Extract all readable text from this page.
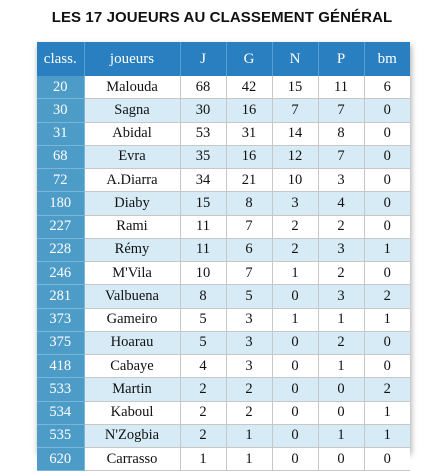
LES 17 JOUEURS AU CLASSEMENT GÉNÉRAL
class.	joueurs	J	G	N	P	bm
20	Malouda	68	42	15	11	6
30	Sagna	30	16	7	7	0
31	Abidal	53	31	14	8	0
68	Evra	35	16	12	7	0
72	A.Diarra	34	21	10	3	0
180	Diaby	15	8	3	4	0
227	Rami	11	7	2	2	0
228	Rémy	11	6	2	3	1
246	M'Vila	10	7	1	2	0
281	Valbuena	8	5	0	3	2
373	Gameiro	5	3	1	1	1
375	Hoarau	5	3	0	2	0
418	Cabaye	4	3	0	1	0
533	Martin	2	2	0	0	2
534	Kaboul	2	2	0	0	1
535	N'Zogbia	2	1	0	1	1
620	Carrasso	1	1	0	0	0
